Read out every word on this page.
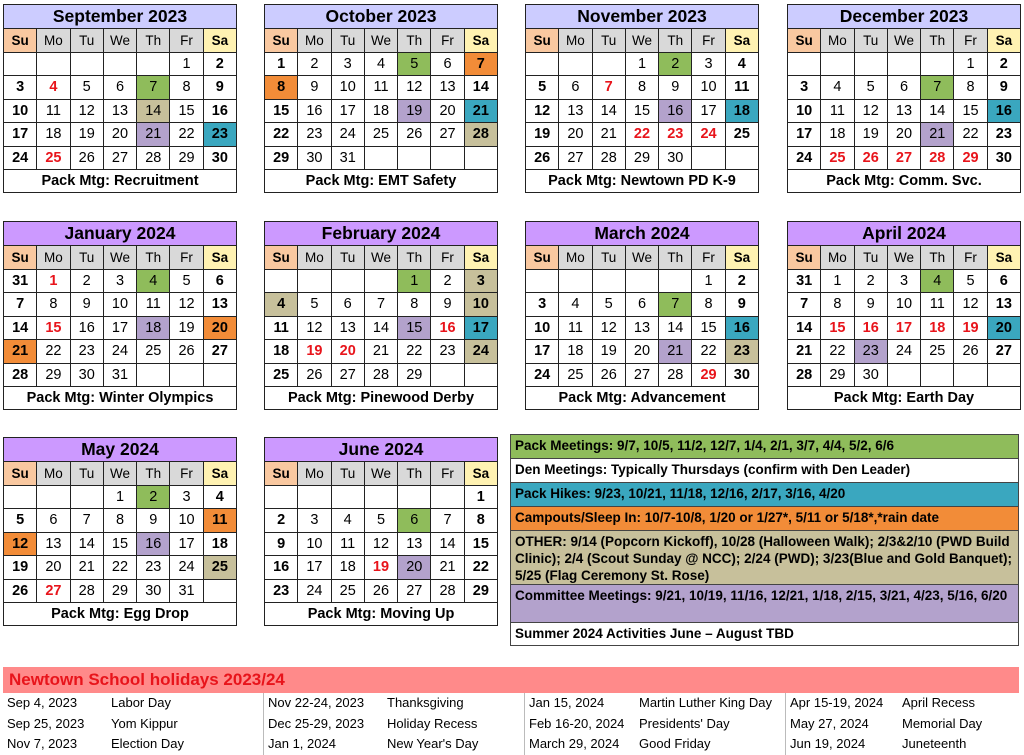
September 2023						
Su	Mo	Tu	We	Th	Fr	Sa
					1	2
3	4	5	6	7	8	9
10	11	12	13	14	15	16
17	18	19	20	21	22	23
24	25	26	27	28	29	30
Pack Mtg: Recruitment						
October 2023						
Su	Mo	Tu	We	Th	Fr	Sa
1	2	3	4	5	6	7
8	9	10	11	12	13	14
15	16	17	18	19	20	21
22	23	24	25	26	27	28
29	30	31				
Pack Mtg: EMT Safety						
November 2023						
Su	Mo	Tu	We	Th	Fr	Sa
			1	2	3	4
5	6	7	8	9	10	11
12	13	14	15	16	17	18
19	20	21	22	23	24	25
26	27	28	29	30		
Pack Mtg: Newtown PD K-9						
December 2023						
Su	Mo	Tu	We	Th	Fr	Sa
					1	2
3	4	5	6	7	8	9
10	11	12	13	14	15	16
17	18	19	20	21	22	23
24	25	26	27	28	29	30
Pack Mtg: Comm. Svc.						
January 2024						
Su	Mo	Tu	We	Th	Fr	Sa
31	1	2	3	4	5	6
7	8	9	10	11	12	13
14	15	16	17	18	19	20
21	22	23	24	25	26	27
28	29	30	31			
Pack Mtg: Winter Olympics						
February 2024						
Su	Mo	Tu	We	Th	Fr	Sa
				1	2	3
4	5	6	7	8	9	10
11	12	13	14	15	16	17
18	19	20	21	22	23	24
25	26	27	28	29		
Pack Mtg: Pinewood Derby						
March 2024						
Su	Mo	Tu	We	Th	Fr	Sa
					1	2
3	4	5	6	7	8	9
10	11	12	13	14	15	16
17	18	19	20	21	22	23
24	25	26	27	28	29	30
Pack Mtg: Advancement						
April 2024						
Su	Mo	Tu	We	Th	Fr	Sa
31	1	2	3	4	5	6
7	8	9	10	11	12	13
14	15	16	17	18	19	20
21	22	23	24	25	26	27
28	29	30				
Pack Mtg: Earth Day						
May 2024						
Su	Mo	Tu	We	Th	Fr	Sa
			1	2	3	4
5	6	7	8	9	10	11
12	13	14	15	16	17	18
19	20	21	22	23	24	25
26	27	28	29	30	31	
Pack Mtg: Egg Drop						
June 2024						
Su	Mo	Tu	We	Th	Fr	Sa
						1
2	3	4	5	6	7	8
9	10	11	12	13	14	15
16	17	18	19	20	21	22
23	24	25	26	27	28	29
Pack Mtg: Moving Up						
Pack Meetings: 9/7, 10/5, 11/2, 12/7, 1/4, 2/1, 3/7, 4/4, 5/2, 6/6
Den Meetings: Typically Thursdays (confirm with Den Leader)
Pack Hikes: 9/23, 10/21, 11/18, 12/16, 2/17, 3/16, 4/20
Campouts/Sleep In: 10/7-10/8, 1/20 or 1/27*, 5/11 or 5/18*,*rain date
OTHER: 9/14 (Popcorn Kickoff), 10/28 (Halloween Walk); 2/3&2/10 (PWD Build Clinic); 2/4 (Scout Sunday @ NCC); 2/24 (PWD); 3/23(Blue and Gold Banquet); 5/25 (Flag Ceremony St. Rose)
Committee Meetings: 9/21, 10/19, 11/16, 12/21, 1/18, 2/15, 3/21, 4/23, 5/16, 6/20
Summer 2024 Activities June – August TBD
Newtown School holidays 2023/24
Sep 4, 2023	Labor Day
Sep 25, 2023 Yom Kippur
Nov 7, 2023	Election Day
Nov 22-24, 2023 Thanksgiving
Dec 25-29, 2023 Holiday Recess
Jan 1, 2024	New Year's Day
Jan 15, 2024	Martin Luther King Day
Feb 16-20, 2024 Presidents' Day
March 29, 2024 Good Friday
Apr 15-19, 2024 April Recess
May 27, 2024	Memorial Day
Jun 19, 2024	Juneteenth
